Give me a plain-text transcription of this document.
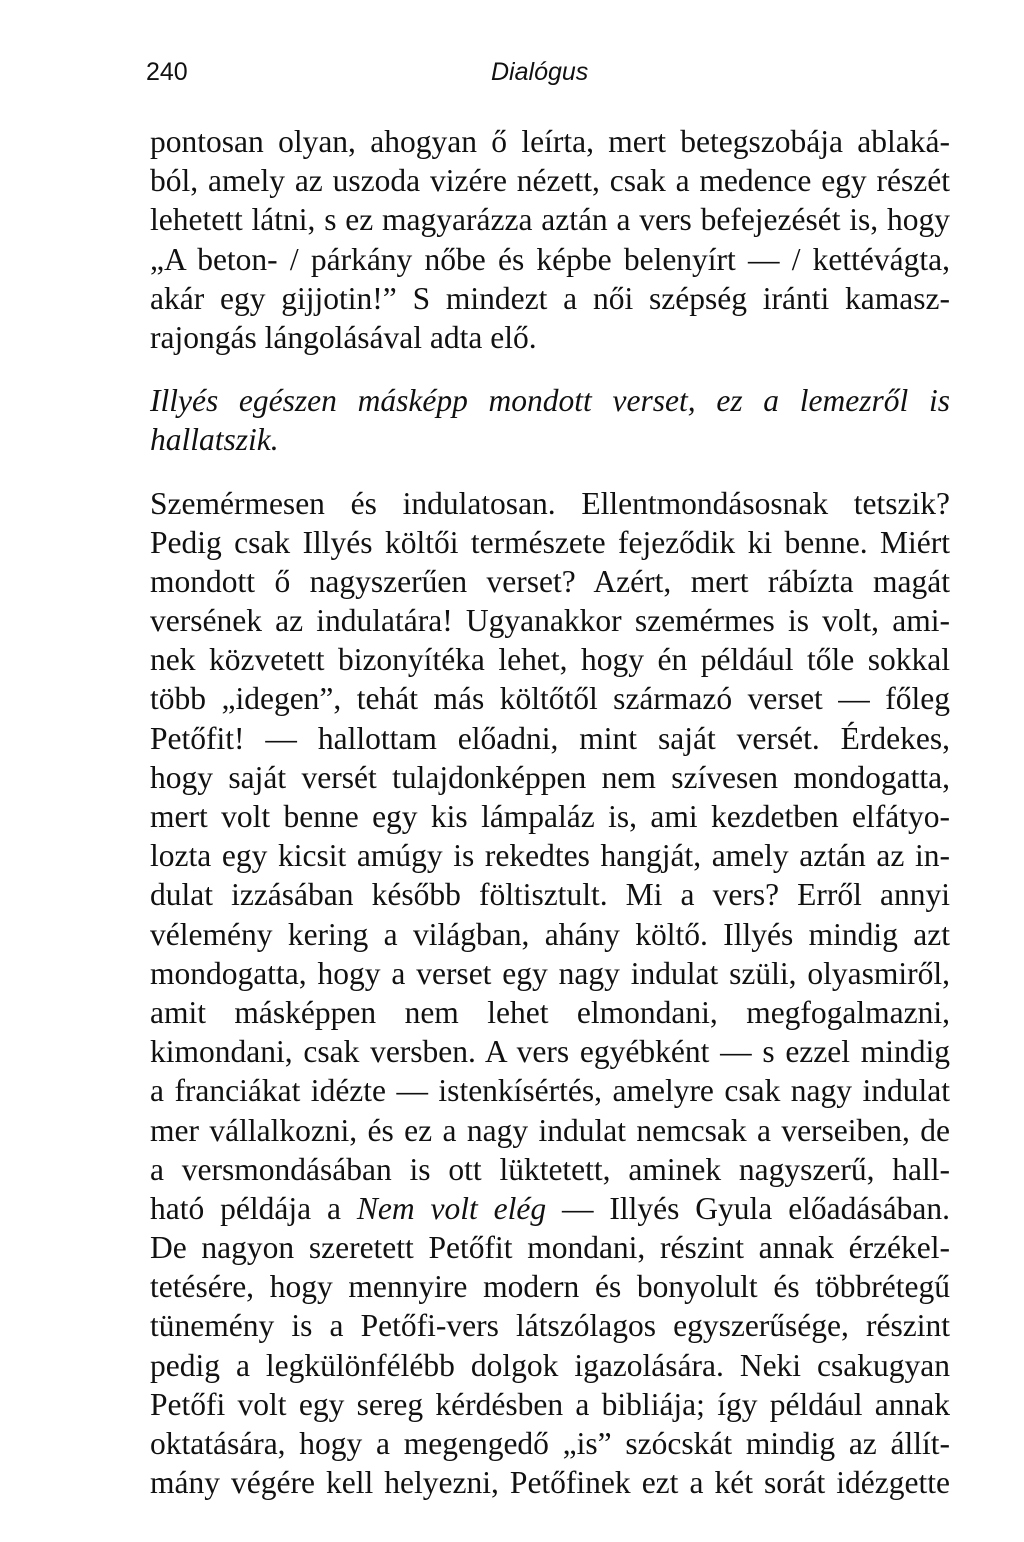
240	Dialógus
pontosan olyan, ahogyan ő leírta, mert betegszobája ablaká-
ból, amely az uszoda vizére nézett, csak a medence egy részét
lehetett látni, s ez magyarázza aztán a vers befejezését is, hogy
„A beton- / párkány nőbe és képbe belenyírt — / kettévágta,
akár egy gijjotin!” S mindezt a női szépség iránti kamasz-
rajongás lángolásával adta elő.
Illyés egészen másképp mondott verset, ez a lemezről is
hallatszik.
Szemérmesen és indulatosan. Ellentmondásosnak tetszik?
Pedig csak Illyés költői természete fejeződik ki benne. Miért
mondott ő nagyszerűen verset? Azért, mert rábízta magát
versének az indulatára! Ugyanakkor szemérmes is volt, ami-
nek közvetett bizonyítéka lehet, hogy én például tőle sokkal
több „idegen”, tehát más költőtől származó verset — főleg
Petőfit! — hallottam előadni, mint saját versét. Érdekes,
hogy saját versét tulajdonképpen nem szívesen mondogatta,
mert volt benne egy kis lámpaláz is, ami kezdetben elfátyo-
lozta egy kicsit amúgy is rekedtes hangját, amely aztán az in-
dulat izzásában később föltisztult. Mi a vers? Erről annyi
vélemény kering a világban, ahány költő. Illyés mindig azt
mondogatta, hogy a verset egy nagy indulat szüli, olyasmiről,
amit másképpen nem lehet elmondani, megfogalmazni,
kimondani, csak versben. A vers egyébként — s ezzel mindig
a franciákat idézte — istenkísértés, amelyre csak nagy indulat
mer vállalkozni, és ez a nagy indulat nemcsak a verseiben, de
a versmondásában is ott lüktetett, aminek nagyszerű, hall-
ható példája a Nem volt elég — Illyés Gyula előadásában.
De nagyon szeretett Petőfit mondani, részint annak érzékel-
tetésére, hogy mennyire modern és bonyolult és többrétegű
tünemény is a Petőfi-vers látszólagos egyszerűsége, részint
pedig a legkülönfélébb dolgok igazolására. Neki csakugyan
Petőfi volt egy sereg kérdésben a bibliája; így például annak
oktatására, hogy a megengedő „is” szócskát mindig az állít-
mány végére kell helyezni, Petőfinek ezt a két sorát idézgette
